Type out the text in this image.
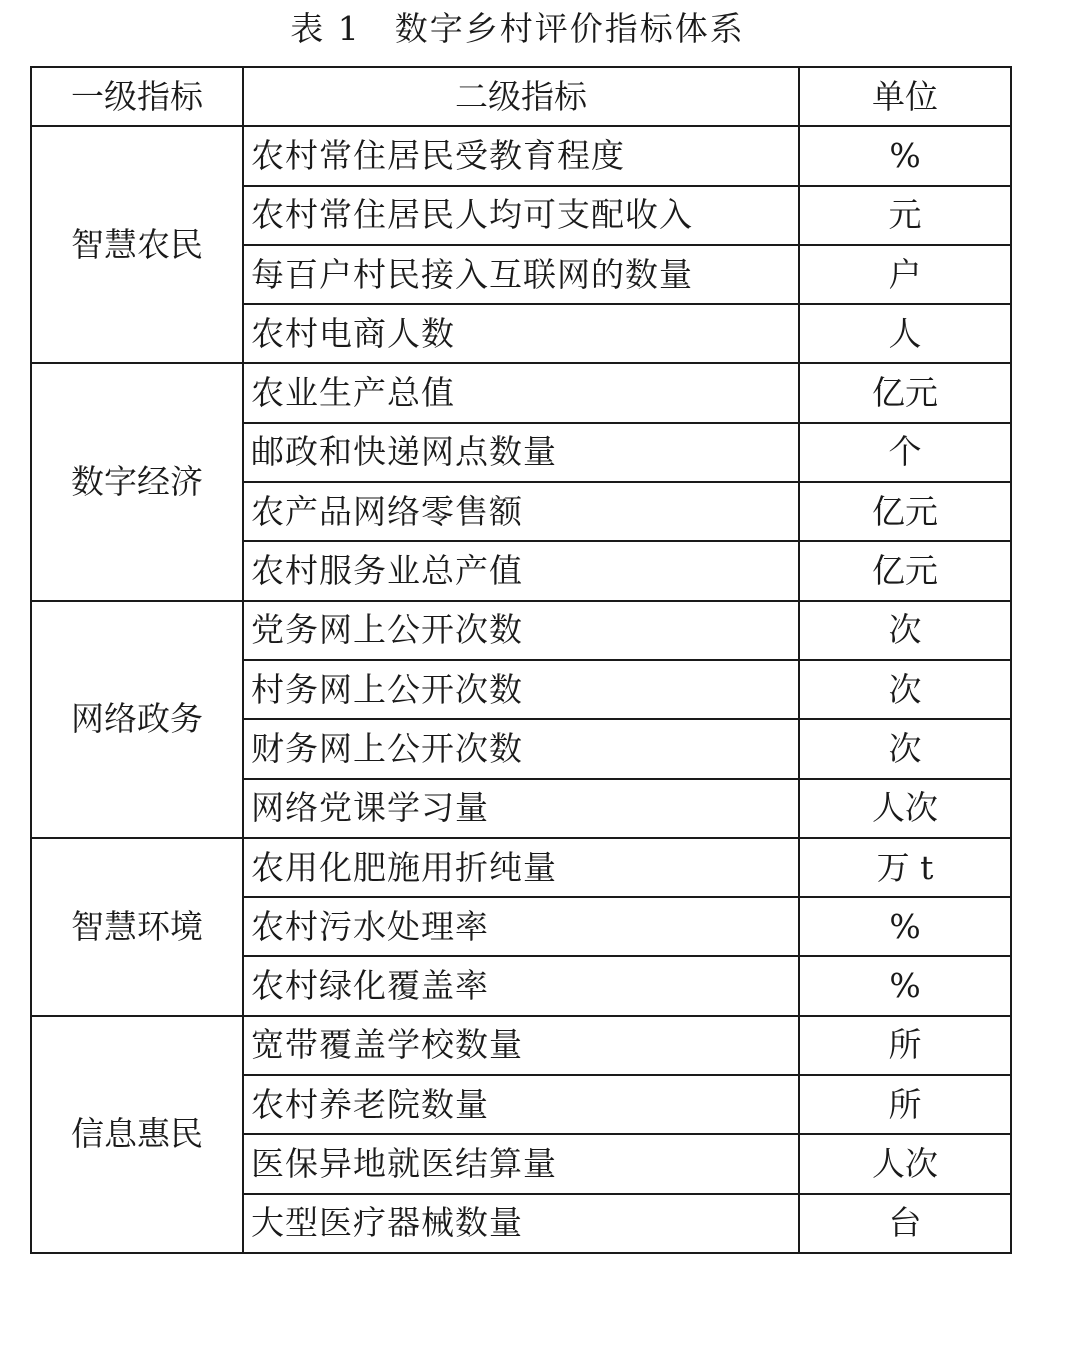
表 1 数字乡村评价指标体系
一级指标	二级指标	单位
智慧农民	农村常住居民受教育程度	%
	农村常住居民人均可支配收入	元
	每百户村民接入互联网的数量	户
	农村电商人数	人
数字经济	农业生产总值	亿元
	邮政和快递网点数量	个
	农产品网络零售额	亿元
	农村服务业总产值	亿元
网络政务	党务网上公开次数	次
	村务网上公开次数	次
	财务网上公开次数	次
	网络党课学习量	人次
智慧环境	农用化肥施用折纯量	万 t
	农村污水处理率	%
	农村绿化覆盖率	%
信息惠民	宽带覆盖学校数量	所
	农村养老院数量	所
	医保异地就医结算量	人次
	大型医疗器械数量	台
